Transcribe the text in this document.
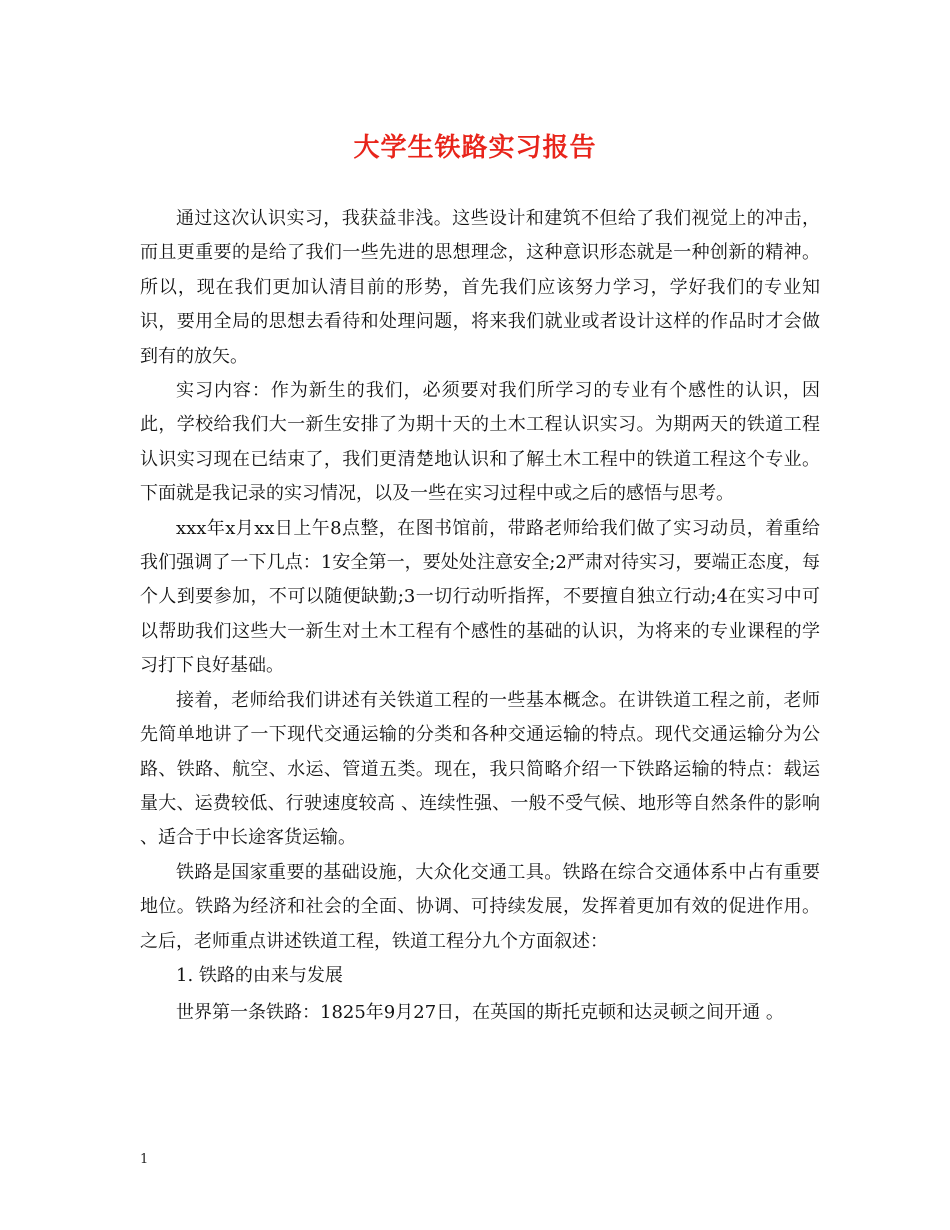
大学生铁路实习报告

通过这次认识实习，我获益非浅。这些设计和建筑不但给了我们视觉上的冲击，而且更重要的是给了我们一些先进的思想理念，这种意识形态就是一种创新的精神。所以，现在我们更加认清目前的形势，首先我们应该努力学习，学好我们的专业知识，要用全局的思想去看待和处理问题，将来我们就业或者设计这样的作品时才会做到有的放矢。

实习内容：作为新生的我们，必须要对我们所学习的专业有个感性的认识，因此，学校给我们大一新生安排了为期十天的土木工程认识实习。为期两天的铁道工程认识实习现在已结束了，我们更清楚地认识和了解土木工程中的铁道工程这个专业。下面就是我记录的实习情况，以及一些在实习过程中或之后的感悟与思考。

xxx年x月xx日上午8点整，在图书馆前，带路老师给我们做了实习动员，着重给我们强调了一下几点：1安全第一，要处处注意安全;2严肃对待实习，要端正态度，每个人到要参加，不可以随便缺勤;3一切行动听指挥，不要擅自独立行动;4在实习中可以帮助我们这些大一新生对土木工程有个感性的基础的认识，为将来的专业课程的学习打下良好基础。

接着，老师给我们讲述有关铁道工程的一些基本概念。在讲铁道工程之前，老师先简单地讲了一下现代交通运输的分类和各种交通运输的特点。现代交通运输分为公路、铁路、航空、水运、管道五类。现在，我只简略介绍一下铁路运输的特点：载运量大、运费较低、行驶速度较高 、连续性强、一般不受气候、地形等自然条件的影响 、适合于中长途客货运输。

铁路是国家重要的基础设施，大众化交通工具。铁路在综合交通体系中占有重要地位。铁路为经济和社会的全面、协调、可持续发展，发挥着更加有效的促进作用。之后，老师重点讲述铁道工程，铁道工程分九个方面叙述：

1. 铁路的由来与发展

世界第一条铁路：1825年9月27日，在英国的斯托克顿和达灵顿之间开通 。

1
